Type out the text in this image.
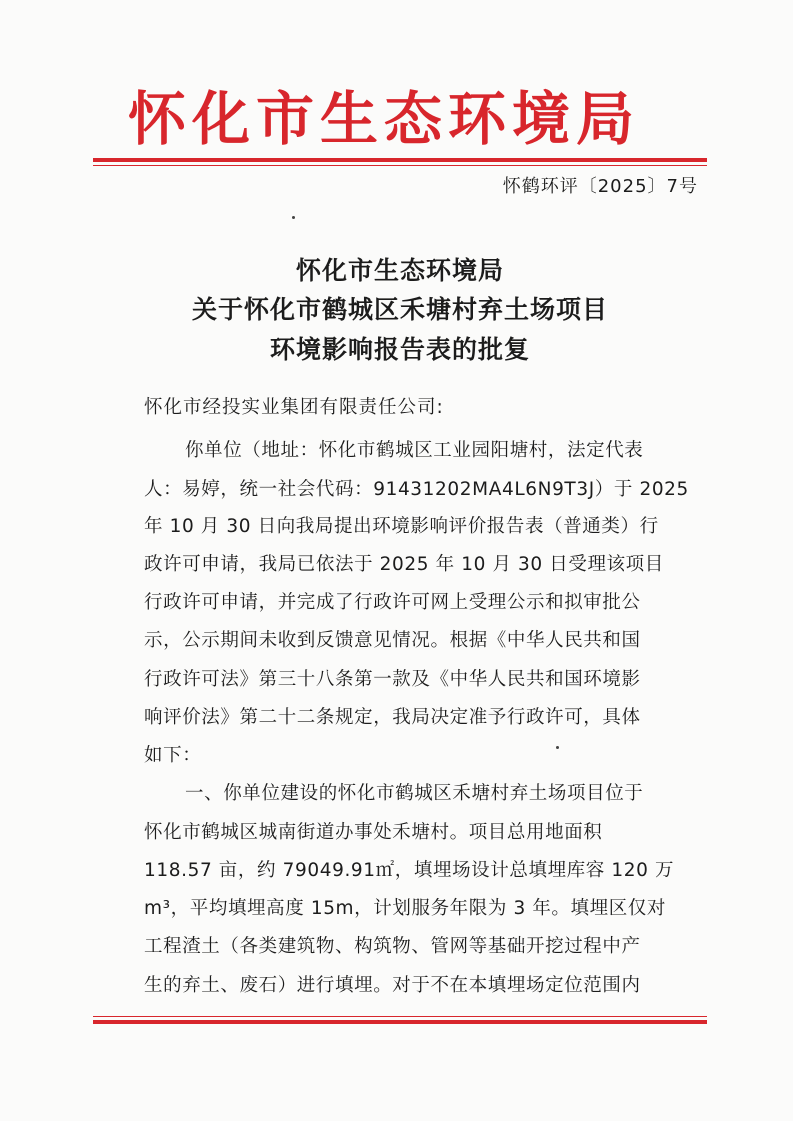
怀化市生态环境局
怀鹤环评〔2025〕7号
怀化市生态环境局
关于怀化市鹤城区禾塘村弃土场项目
环境影响报告表的批复
怀化市经投实业集团有限责任公司:
你单位（地址：怀化市鹤城区工业园阳塘村，法定代表
人：易婷，统一社会代码：91431202MA4L6N9T3J）于 2025
年 10 月 30 日向我局提出环境影响评价报告表（普通类）行
政许可申请，我局已依法于 2025 年 10 月 30 日受理该项目
行政许可申请，并完成了行政许可网上受理公示和拟审批公
示，公示期间未收到反馈意见情况。根据《中华人民共和国
行政许可法》第三十八条第一款及《中华人民共和国环境影
响评价法》第二十二条规定，我局决定准予行政许可，具体
如下：
一、你单位建设的怀化市鹤城区禾塘村弃土场项目位于
怀化市鹤城区城南街道办事处禾塘村。项目总用地面积
118.57 亩，约 79049.91㎡，填埋场设计总填埋库容 120 万
m³，平均填埋高度 15m，计划服务年限为 3 年。填埋区仅对
工程渣土（各类建筑物、构筑物、管网等基础开挖过程中产
生的弃土、废石）进行填埋。对于不在本填埋场定位范围内
